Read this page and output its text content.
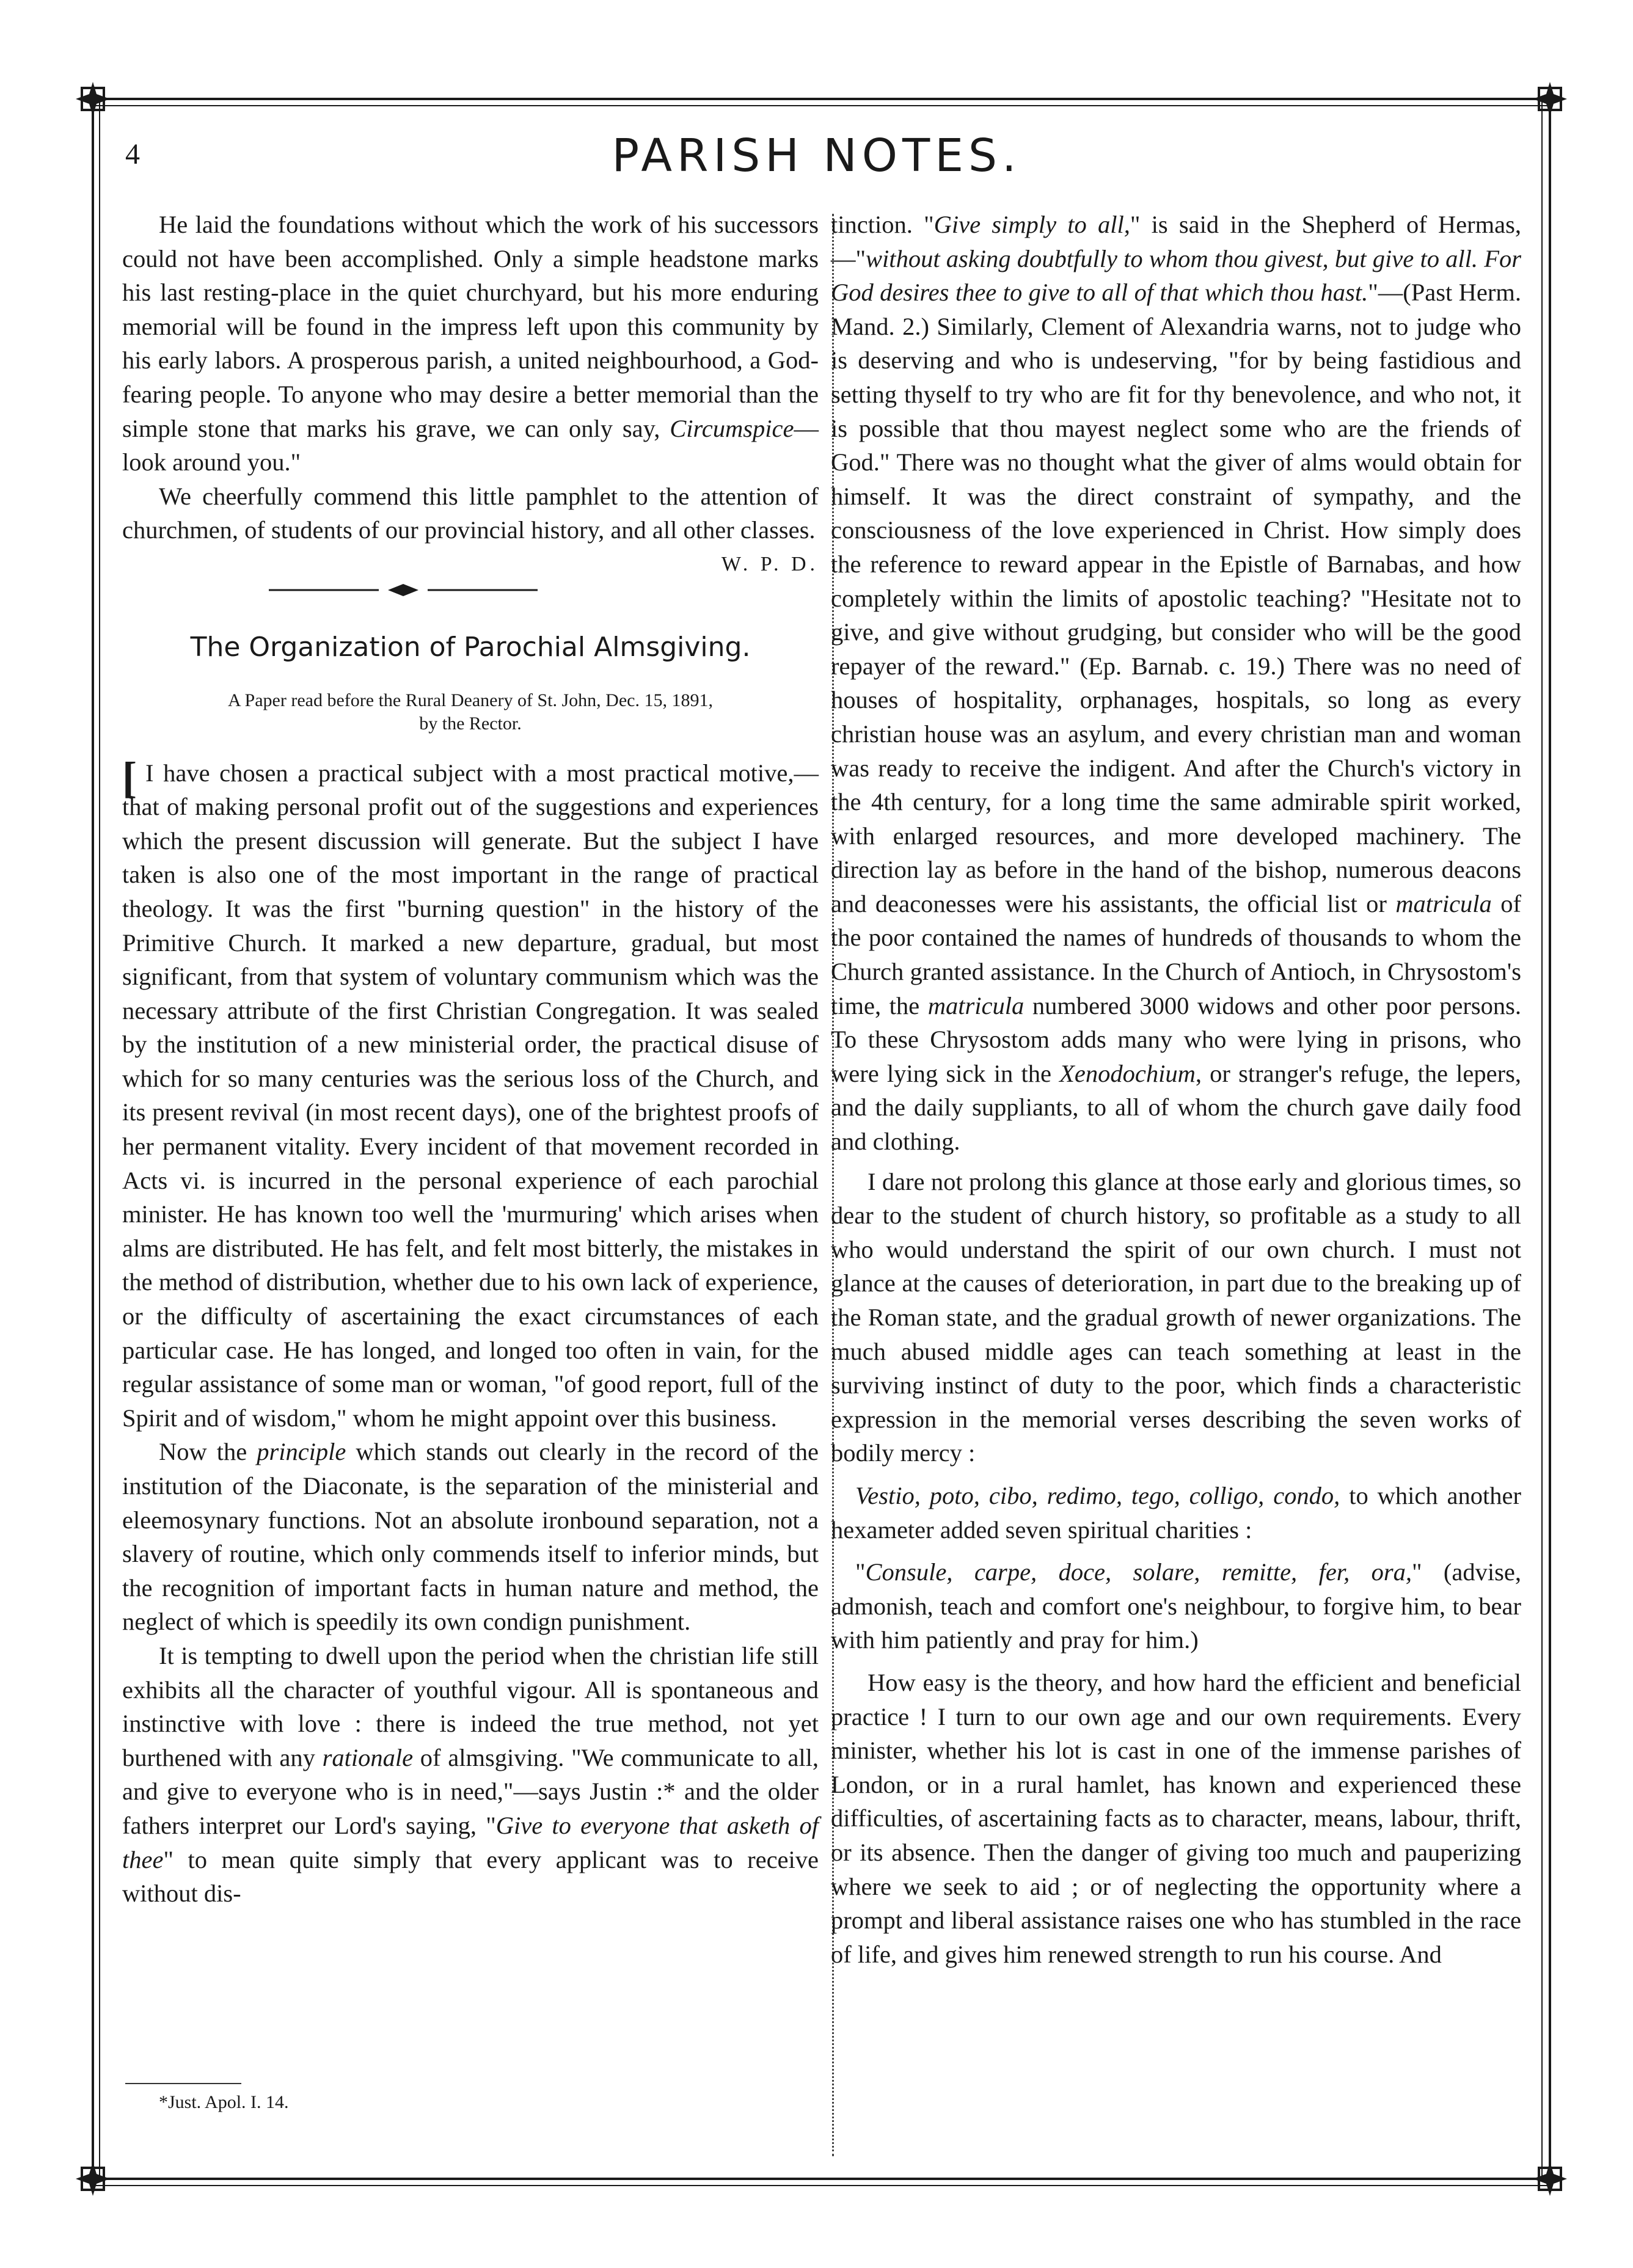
4	PARISH NOTES.

He laid the foundations without which the work of his successors could not have been accomplished. Only a simple headstone marks his last resting-place in the quiet churchyard, but his more enduring memorial will be found in the impress left upon this community by his early labors. A prosperous parish, a united neighbourhood, a God-fearing people. To anyone who may desire a better memorial than the simple stone that marks his grave, we can only say, Circumspice— look around you."

We cheerfully commend this little pamphlet to the attention of churchmen, of students of our provincial history, and all other classes.
W. P. D.

The Organization of Parochial Almsgiving.
A Paper read before the Rural Deanery of St. John, Dec. 15, 1891,
by the Rector.

[ I have chosen a practical subject with a most practical motive,—that of making personal profit out of the suggestions and experiences which the present discussion will generate. But the subject I have taken is also one of the most important in the range of practical theology. It was the first "burning question" in the history of the Primitive Church. It marked a new departure, gradual, but most significant, from that system of voluntary communism which was the necessary attribute of the first Christian Congregation. It was sealed by the institution of a new ministerial order, the practical disuse of which for so many centuries was the serious loss of the Church, and its present revival (in most recent days), one of the brightest proofs of her permanent vitality. Every incident of that movement recorded in Acts vi. is incurred in the personal experience of each parochial minister. He has known too well the 'murmuring' which arises when alms are distributed. He has felt, and felt most bitterly, the mistakes in the method of distribution, whether due to his own lack of experience, or the difficulty of ascertaining the exact circumstances of each particular case. He has longed, and longed too often in vain, for the regular assistance of some man or woman, "of good report, full of the Spirit and of wisdom," whom he might appoint over this business.

Now the principle which stands out clearly in the record of the institution of the Diaconate, is the separation of the ministerial and eleemosynary functions. Not an absolute ironbound separation, not a slavery of routine, which only commends itself to inferior minds, but the recognition of important facts in human nature and method, the neglect of which is speedily its own condign punishment.

It is tempting to dwell upon the period when the christian life still exhibits all the character of youthful vigour. All is spontaneous and instinctive with love : there is indeed the true method, not yet burthened with any rationale of almsgiving. "We communicate to all, and give to everyone who is in need,"—says Justin :* and the older fathers interpret our Lord's saying, "Give to everyone that asketh of thee" to mean quite simply that every applicant was to receive without dis-

*Just. Apol. I. 14.

tinction. "Give simply to all," is said in the Shepherd of Hermas,—"without asking doubtfully to whom thou givest, but give to all. For God desires thee to give to all of that which thou hast."—(Past Herm. Mand. 2.) Similarly, Clement of Alexandria warns, not to judge who is deserving and who is undeserving, "for by being fastidious and setting thyself to try who are fit for thy benevolence, and who not, it is possible that thou mayest neglect some who are the friends of God." There was no thought what the giver of alms would obtain for himself. It was the direct constraint of sympathy, and the consciousness of the love experienced in Christ. How simply does the reference to reward appear in the Epistle of Barnabas, and how completely within the limits of apostolic teaching? "Hesitate not to give, and give without grudging, but consider who will be the good repayer of the reward." (Ep. Barnab. c. 19.) There was no need of houses of hospitality, orphanages, hospitals, so long as every christian house was an asylum, and every christian man and woman was ready to receive the indigent. And after the Church's victory in the 4th century, for a long time the same admirable spirit worked, with enlarged resources, and more developed machinery. The direction lay as before in the hand of the bishop, numerous deacons and deaconesses were his assistants, the official list or matricula of the poor contained the names of hundreds of thousands to whom the Church granted assistance. In the Church of Antioch, in Chrysostom's time, the matricula numbered 3000 widows and other poor persons. To these Chrysostom adds many who were lying in prisons, who were lying sick in the Xenodochium, or stranger's refuge, the lepers, and the daily suppliants, to all of whom the church gave daily food and clothing.

I dare not prolong this glance at those early and glorious times, so dear to the student of church history, so profitable as a study to all who would understand the spirit of our own church. I must not glance at the causes of deterioration, in part due to the breaking up of the Roman state, and the gradual growth of newer organizations. The much abused middle ages can teach something at least in the surviving instinct of duty to the poor, which finds a characteristic expression in the memorial verses describing the seven works of bodily mercy :

Vestio, poto, cibo, redimo, tego, colligo, condo, to which another hexameter added seven spiritual charities :

"Consule, carpe, doce, solare, remitte, fer, ora," (advise, admonish, teach and comfort one's neighbour, to forgive him, to bear with him patiently and pray for him.)

How easy is the theory, and how hard the efficient and beneficial practice ! I turn to our own age and our own requirements. Every minister, whether his lot is cast in one of the immense parishes of London, or in a rural hamlet, has known and experienced these difficulties, of ascertaining facts as to character, means, labour, thrift, or its absence. Then the danger of giving too much and pauperizing where we seek to aid ; or of neglecting the opportunity where a prompt and liberal assistance raises one who has stumbled in the race of life, and gives him renewed strength to run his course. And
